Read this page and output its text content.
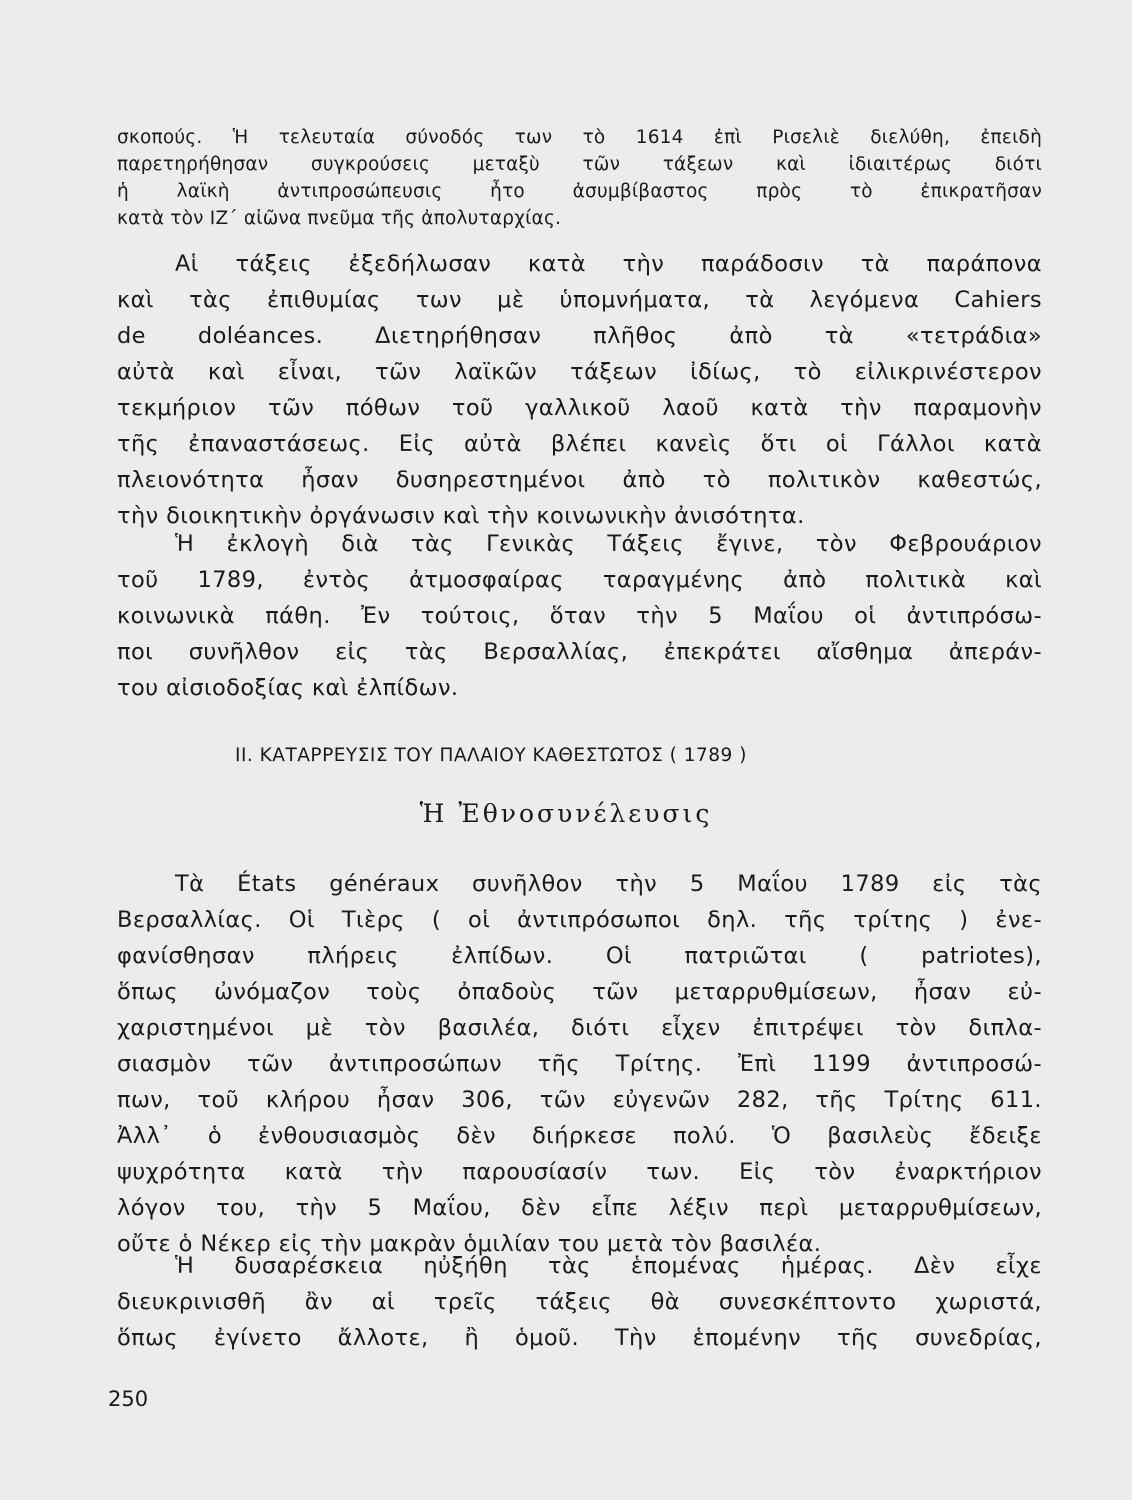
σκοπούς. Ἡ τελευταία σύνοδός των τὸ 1614 ἐπὶ Ρισελιὲ διελύθη, ἐπειδὴ
παρετηρήθησαν συγκρούσεις μεταξὺ τῶν τάξεων καὶ ἰδιαιτέρως διότι
ἡ λαϊκὴ ἀντιπροσώπευσις ἦτο ἀσυμβίβαστος πρὸς τὸ ἐπικρατῆσαν
κατὰ τὸν ΙΖ΄ αἰῶνα πνεῦμα τῆς ἀπολυταρχίας.
Αἱ τάξεις ἐξεδήλωσαν κατὰ τὴν παράδοσιν τὰ παράπονα
καὶ τὰς ἐπιθυμίας των μὲ ὑπομνήματα, τὰ λεγόμενα Cahiers
de doléances. Διετηρήθησαν πλῆθος ἀπὸ τὰ «τετράδια»
αὐτὰ καὶ εἶναι, τῶν λαϊκῶν τάξεων ἰδίως, τὸ εἰλικρινέστερον
τεκμήριον τῶν πόθων τοῦ γαλλικοῦ λαοῦ κατὰ τὴν παραμονὴν
τῆς ἐπαναστάσεως. Εἰς αὐτὰ βλέπει κανεὶς ὅτι οἱ Γάλλοι κατὰ
πλειονότητα ἦσαν δυσηρεστημένοι ἀπὸ τὸ πολιτικὸν καθεστώς,
τὴν διοικητικὴν ὀργάνωσιν καὶ τὴν κοινωνικὴν ἀνισότητα.
Ἡ ἐκλογὴ διὰ τὰς Γενικὰς Τάξεις ἔγινε, τὸν Φεβρουάριον
τοῦ 1789, ἐντὸς ἀτμοσφαίρας ταραγμένης ἀπὸ πολιτικὰ καὶ
κοινωνικὰ πάθη. Ἐν τούτοις, ὅταν τὴν 5 Μαΐου οἱ ἀντιπρόσω-
ποι συνῆλθον εἰς τὰς Βερσαλλίας, ἐπεκράτει αἴσθημα ἀπεράν-
του αἰσιοδοξίας καὶ ἐλπίδων.
ΙΙ. ΚΑΤΑΡΡΕΥΣΙΣ ΤΟΥ ΠΑΛΑΙΟΥ ΚΑΘΕΣΤΩΤΟΣ ( 1789 )
Ἡ Ἐθνοσυνέλευσις
Τὰ États généraux συνῆλθον τὴν 5 Μαΐου 1789 εἰς τὰς
Βερσαλλίας. Οἱ Τιὲρς ( οἱ ἀντιπρόσωποι δηλ. τῆς τρίτης ) ἐνε-
φανίσθησαν πλήρεις ἐλπίδων. Οἱ πατριῶται ( patriotes),
ὅπως ὠνόμαζον τοὺς ὀπαδοὺς τῶν μεταρρυθμίσεων, ἦσαν εὐ-
χαριστημένοι μὲ τὸν βασιλέα, διότι εἶχεν ἐπιτρέψει τὸν διπλα-
σιασμὸν τῶν ἀντιπροσώπων τῆς Τρίτης. Ἐπὶ 1199 ἀντιπροσώ-
πων, τοῦ κλήρου ἦσαν 306, τῶν εὐγενῶν 282, τῆς Τρίτης 611.
Ἀλλ᾽ ὁ ἐνθουσιασμὸς δὲν διήρκεσε πολύ. Ὁ βασιλεὺς ἔδειξε
ψυχρότητα κατὰ τὴν παρουσίασίν των. Εἰς τὸν ἐναρκτήριον
λόγον του, τὴν 5 Μαΐου, δὲν εἶπε λέξιν περὶ μεταρρυθμίσεων,
οὔτε ὁ Νέκερ εἰς τὴν μακρὰν ὁμιλίαν του μετὰ τὸν βασιλέα.
Ἡ δυσαρέσκεια ηὐξήθη τὰς ἑπομένας ἡμέρας. Δὲν εἶχε
διευκρινισθῆ ἂν αἱ τρεῖς τάξεις θὰ συνεσκέπτοντο χωριστά,
ὅπως ἐγίνετο ἄλλοτε, ἢ ὁμοῦ. Τὴν ἑπομένην τῆς συνεδρίας,
250
